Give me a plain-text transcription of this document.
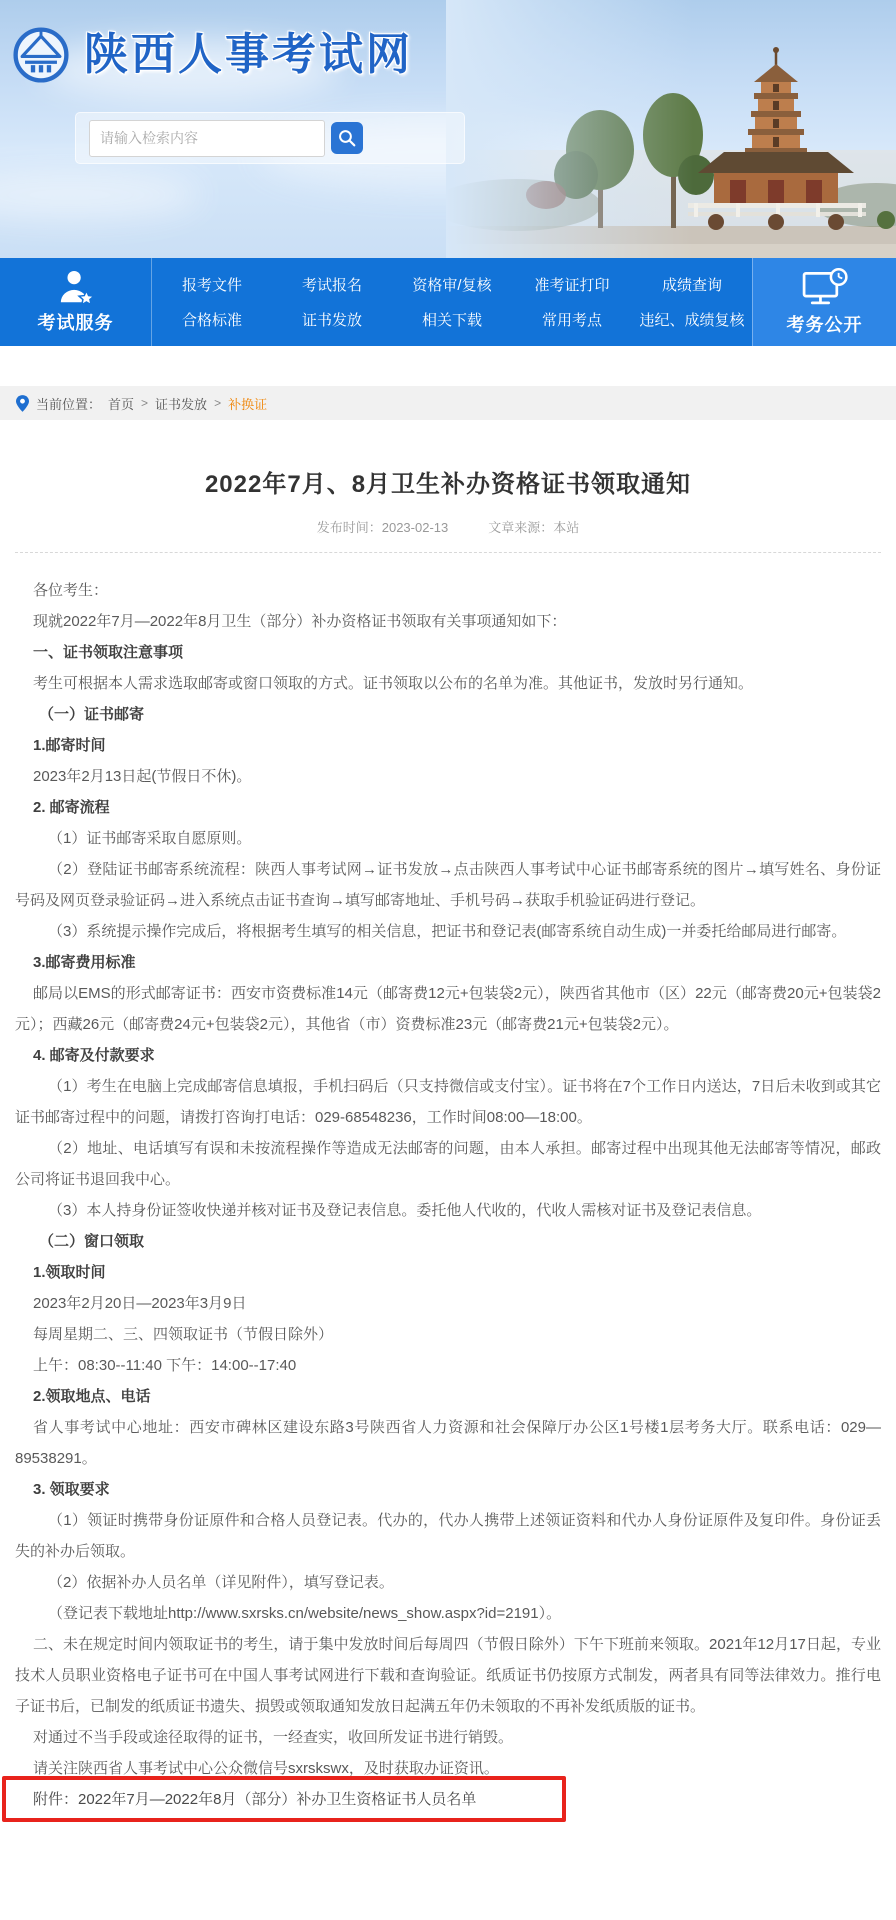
陕西人事考试网
请输入检索内容
考试服务
报考文件
合格标准
考试报名
证书发放
资格审/复核
相关下载
准考证打印
常用考点
成绩查询
违纪、成绩复核 考务公开
当前位置： 首页 > 证书发放 > 补换证
2022年7月、8月卫生补办资格证书领取通知
发布时间：2023-02-13	文章来源：本站

各位考生：

现就2022年7月—2022年8月卫生（部分）补办资格证书领取有关事项通知如下：

一、证书领取注意事项

考生可根据本人需求选取邮寄或窗口领取的方式。证书领取以公布的名单为准。其他证书，发放时另行通知。

（一）证书邮寄

1.邮寄时间

2023年2月13日起(节假日不休)。

2. 邮寄流程

（1）证书邮寄采取自愿原则。

（2）登陆证书邮寄系统流程：陕西人事考试网→证书发放→点击陕西人事考试中心证书邮寄系统的图片→填写姓名、身份证号码及网页登录验证码→进入系统点击证书查询→填写邮寄地址、手机号码→获取手机验证码进行登记。

（3）系统提示操作完成后，将根据考生填写的相关信息，把证书和登记表(邮寄系统自动生成)一并委托给邮局进行邮寄。

3.邮寄费用标准

邮局以EMS的形式邮寄证书：西安市资费标准14元（邮寄费12元+包装袋2元），陕西省其他市（区）22元（邮寄费20元+包装袋2元）；西藏26元（邮寄费24元+包装袋2元），其他省（市）资费标准23元（邮寄费21元+包装袋2元）。

4. 邮寄及付款要求

（1）考生在电脑上完成邮寄信息填报，手机扫码后（只支持微信或支付宝）。证书将在7个工作日内送达，7日后未收到或其它证书邮寄过程中的问题，请拨打咨询打电话：029-68548236，工作时间08:00—18:00。

（2）地址、电话填写有误和未按流程操作等造成无法邮寄的问题，由本人承担。邮寄过程中出现其他无法邮寄等情况，邮政公司将证书退回我中心。

（3）本人持身份证签收快递并核对证书及登记表信息。委托他人代收的，代收人需核对证书及登记表信息。

（二）窗口领取

1.领取时间

2023年2月20日—2023年3月9日

每周星期二、三、四领取证书（节假日除外）

上午：08:30--11:40 下午：14:00--17:40

2.领取地点、电话

省人事考试中心地址：西安市碑林区建设东路3号陕西省人力资源和社会保障厅办公区1号楼1层考务大厅。联系电话：029—89538291。

3. 领取要求

（1）领证时携带身份证原件和合格人员登记表。代办的，代办人携带上述领证资料和代办人身份证原件及复印件。身份证丢失的补办后领取。

（2）依据补办人员名单（详见附件），填写登记表。

（登记表下载地址http://www.sxrsks.cn/website/news_show.aspx?id=2191）。

二、未在规定时间内领取证书的考生，请于集中发放时间后每周四（节假日除外）下午下班前来领取。2021年12月17日起，专业技术人员职业资格电子证书可在中国人事考试网进行下载和查询验证。纸质证书仍按原方式制发，两者具有同等法律效力。推行电子证书后，已制发的纸质证书遗失、损毁或领取通知发放日起满五年仍未领取的不再补发纸质版的证书。

对通过不当手段或途径取得的证书，一经查实，收回所发证书进行销毁。

请关注陕西省人事考试中心公众微信号sxrskswx，及时获取办证资讯。

附件：2022年7月—2022年8月（部分）补办卫生资格证书人员名单
